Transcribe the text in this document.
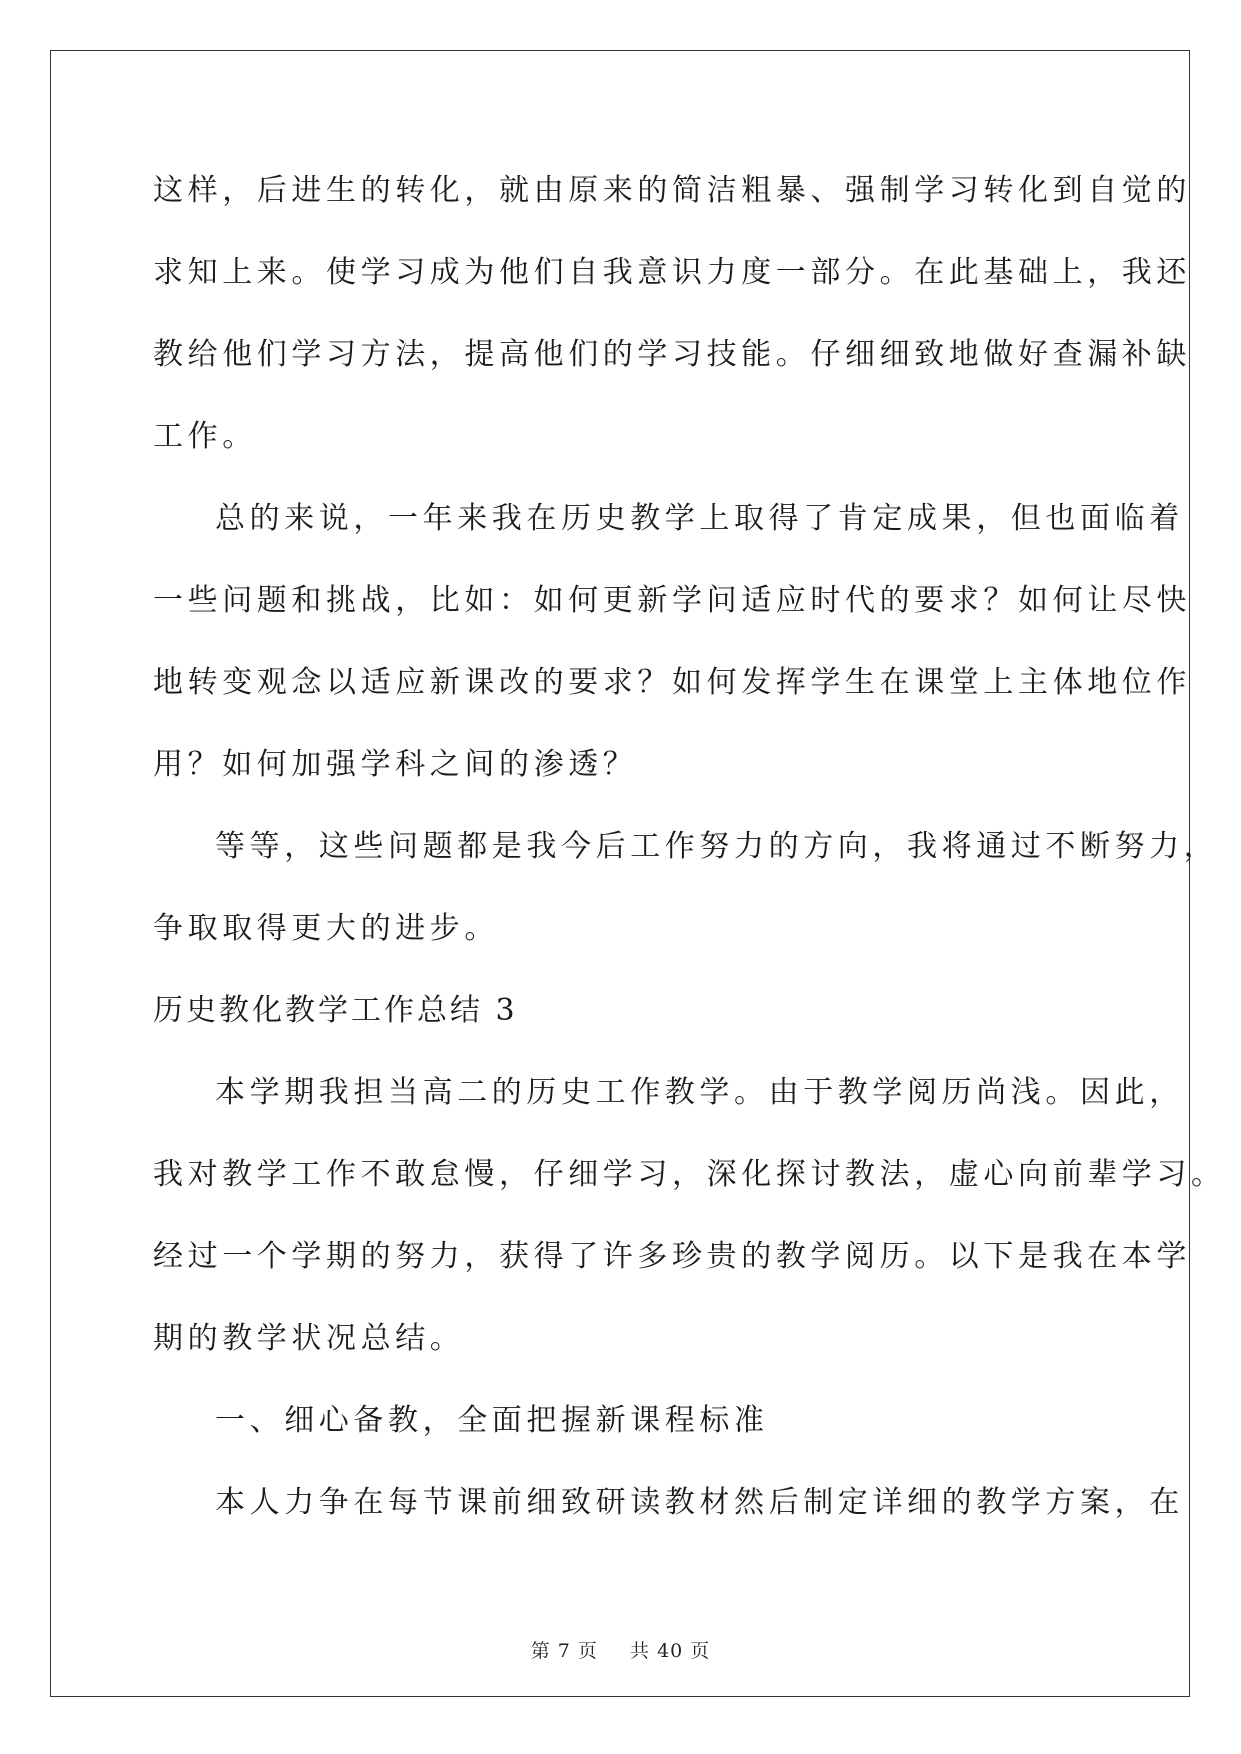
这样，后进生的转化，就由原来的简洁粗暴、强制学习转化到自觉的
求知上来。使学习成为他们自我意识力度一部分。在此基础上，我还
教给他们学习方法，提高他们的学习技能。仔细细致地做好查漏补缺
工作。
总的来说，一年来我在历史教学上取得了肯定成果，但也面临着
一些问题和挑战，比如：如何更新学问适应时代的要求？如何让尽快
地转变观念以适应新课改的要求？如何发挥学生在课堂上主体地位作
用？如何加强学科之间的渗透？
等等，这些问题都是我今后工作努力的方向，我将通过不断努力，
争取取得更大的进步。
历史教化教学工作总结 3
本学期我担当高二的历史工作教学。由于教学阅历尚浅。因此，
我对教学工作不敢怠慢，仔细学习，深化探讨教法，虚心向前辈学习。
经过一个学期的努力，获得了许多珍贵的教学阅历。以下是我在本学
期的教学状况总结。
一、细心备教，全面把握新课程标准
本人力争在每节课前细致研读教材然后制定详细的教学方案，在
第 7 页 共 40 页
